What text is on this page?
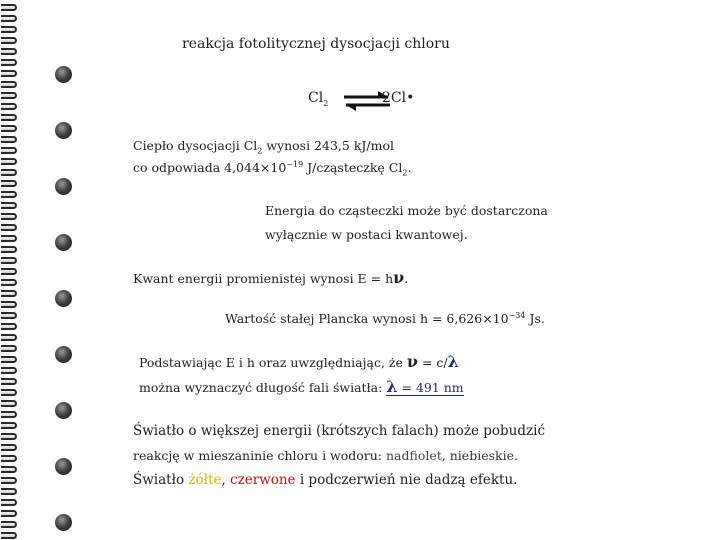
reakcja fotolitycznej dysocjacji chloru
$Cl_2$ ⇌
2Cl•
Ciepło dysocjacji $Cl_2$ wynosi 243,5 kJ/mol
co odpowiada $4,044\times 10^{-19}$ J/cząsteczkę $Cl_2$.
Energia do cząsteczki może być dostarczona
wyłącznie w postaci kwantowej.
Kwant energii promienistej wynosi E = hν.
Wartość stałej Plancka wynosi $h = 6,626\times 10^{-34}$ Js.
Podstawiając E i h oraz uwzględniając, że ν = c/λ
można wyznaczyć długość fali światła: λ = 491 nm
Światło o większej energii (krótszych falach) może pobudzić
reakcję w mieszaninie chloru i wodoru: nadfiolet, niebieskie.
Światło żółte, czerwone i podczerwień nie dadzą efektu.
